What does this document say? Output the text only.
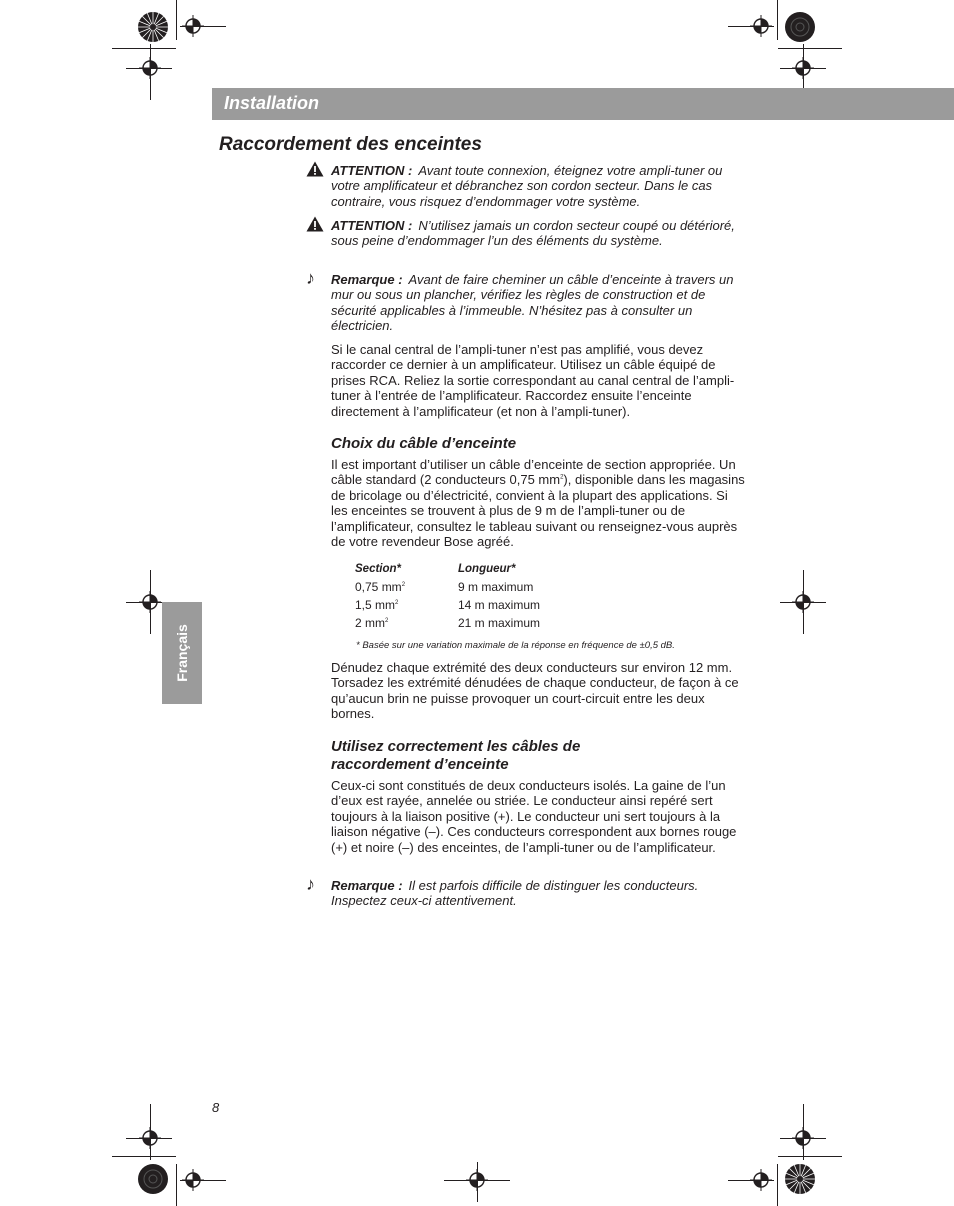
Installation
Raccordement des enceintes

ATTENTION : Avant toute connexion, éteignez votre ampli-tuner ou votre amplificateur et débranchez son cordon secteur. Dans le cas contraire, vous risquez d’endommager votre système.

ATTENTION : N’utilisez jamais un cordon secteur coupé ou détérioré, sous peine d’endommager l’un des éléments du système.

♪ Remarque : Avant de faire cheminer un câble d’enceinte à travers un mur ou sous un plancher, vérifiez les règles de construction et de sécurité applicables à l’immeuble. N’hésitez pas à consulter un électricien.

Si le canal central de l’ampli-tuner n’est pas amplifié, vous devez raccorder ce dernier à un amplificateur. Utilisez un câble équipé de prises RCA. Reliez la sortie correspondant au canal central de l’ampli-tuner à l’entrée de l’amplificateur. Raccordez ensuite l’enceinte directement à l’amplificateur (et non à l’ampli-tuner).

Choix du câble d’enceinte

Il est important d’utiliser un câble d’enceinte de section appropriée. Un câble standard (2 conducteurs 0,75 $mm^2$), disponible dans les magasins de bricolage ou d’électricité, convient à la plupart des applications. Si les enceintes se trouvent à plus de 9 m de l’ampli-tuner ou de l’amplificateur, consultez le tableau suivant ou renseignez-vous auprès de votre revendeur Bose agréé.

Section*	Longueur*
0,75 $mm^2$	9 m maximum
1,5 $mm^2$	14 m maximum
2 $mm^2$	21 m maximum
* Basée sur une variation maximale de la réponse en fréquence de ±0,5 dB.

Dénudez chaque extrémité des deux conducteurs sur environ 12 mm. Torsadez les extrémité dénudées de chaque conducteur, de façon à ce qu’aucun brin ne puisse provoquer un court-circuit entre les deux bornes.

Utilisez correctement les câbles de raccordement d’enceinte

Ceux-ci sont constitués de deux conducteurs isolés. La gaine de l’un d’eux est rayée, annelée ou striée. Le conducteur ainsi repéré sert toujours à la liaison positive (+). Le conducteur uni sert toujours à la liaison négative (–). Ces conducteurs correspondent aux bornes rouge (+) et noire (–) des enceintes, de l’ampli-tuner ou de l’amplificateur.

♪ Remarque : Il est parfois difficile de distinguer les conducteurs. Inspectez ceux-ci attentivement.

Français
8
